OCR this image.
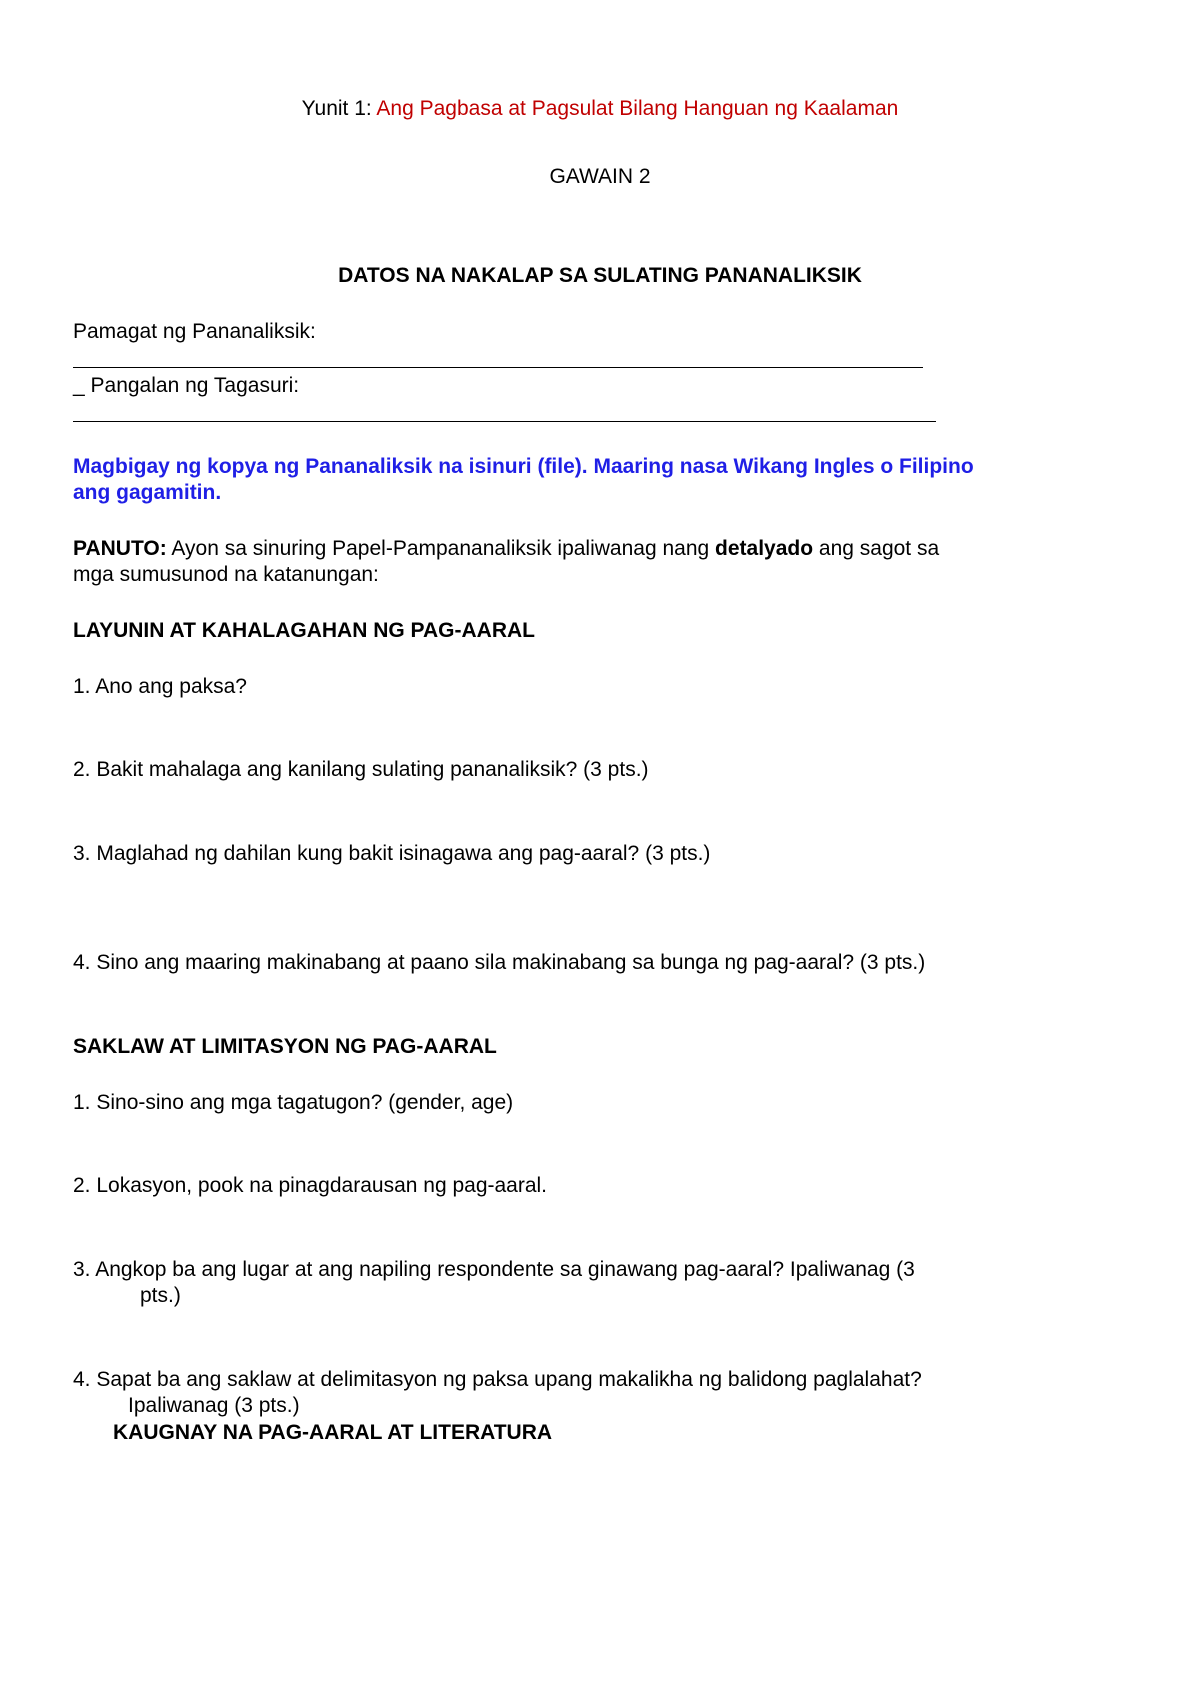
Yunit 1: Ang Pagbasa at Pagsulat Bilang Hanguan ng Kaalaman
GAWAIN 2
DATOS NA NAKALAP SA SULATING PANANALIKSIK
Pamagat ng Pananaliksik:
_ Pangalan ng Tagasuri:
Magbigay ng kopya ng Pananaliksik na isinuri (file). Maaring nasa Wikang Ingles o Filipino
ang gagamitin.
PANUTO: Ayon sa sinuring Papel-Pampananaliksik ipaliwanag nang detalyado ang sagot sa
mga sumusunod na katanungan:
LAYUNIN AT KAHALAGAHAN NG PAG-AARAL
1. Ano ang paksa?
2. Bakit mahalaga ang kanilang sulating pananaliksik? (3 pts.)
3. Maglahad ng dahilan kung bakit isinagawa ang pag-aaral? (3 pts.)
4. Sino ang maaring makinabang at paano sila makinabang sa bunga ng pag-aaral? (3 pts.)
SAKLAW AT LIMITASYON NG PAG-AARAL
1. Sino-sino ang mga tagatugon? (gender, age)
2. Lokasyon, pook na pinagdarausan ng pag-aaral.
3. Angkop ba ang lugar at ang napiling respondente sa ginawang pag-aaral? Ipaliwanag (3
pts.)
4. Sapat ba ang saklaw at delimitasyon ng paksa upang makalikha ng balidong paglalahat?
Ipaliwanag (3 pts.)
KAUGNAY NA PAG-AARAL AT LITERATURA
